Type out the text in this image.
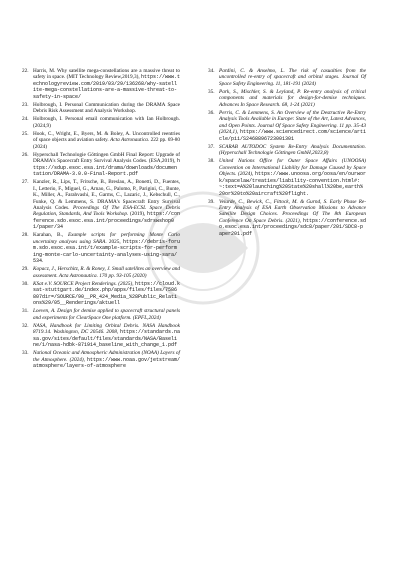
22. Harris, M. Why satellite mega-constellations are a massive threat to safety in space. (MIT Technology Review,2019,3), https://www.technologyreview.com/2019/03/29/136268/why-satellite-mega-constellations-are-a-massive-threat-to-safety-in-space/
23. Holbrough, I. Personal Communication during the DRAMA Space Debris Risk Assessment and Analysis Workshop.
24. Holbrough, I. Personal email communication with Ian Holbrough. (2024,9)
25. Hook, C., Wright, E., Byers, M. & Boley, A. Uncontrolled reentries of space objects and aviation safety. Acta Astronautica. 222 pp. 69-80 (2024)
26. Hyperschall Technologie Göttingen GmbH Final Report: Upgrade of DRAMA's Spacecraft Entry Survival Analysis Codes. (ESA,2019), https://sdup.esoc.esa.int/drama/downloads/documentation/DRAMA-3.0.0-Final-Report.pdf
27. Kanzler, R., Lips, T., Fritsche, B., Breslau, A., Bonetti, D., Fuentes, I., Letterio, F., Miguel, G., Arnao, G., Palomo, P., Parigini, C., Bunte, K., Miller, A., Farahvashi, E., Garms, C., Lazaric, J., Kebschull, C., Funke, Q. & Lemmens, S. DRAMA's Spacecraft Entry Survival Analysis Codes. Proceedings Of The ESA-ECSL Space Debris Regulation, Standards, And Tools Workshop. (2019), https://conference.sdo.esoc.esa.int/proceedings/sdrswshop01/paper/34
28. Karahan, B., Example scripts for performing Monte Carlo uncertainty analyses using SARA. 2025, https://debris-forum.sdo.esoc.esa.int/t/example-scripts-for-performing-monte-carlo-uncertainty-analyses-using-sara/534.
29. Kopacz, J., Herschitz, R. & Roney, J. Small satellites an overview and assessment. Acta Astronautica. 170 pp. 93-105 (2020)
30. KSat e.V. SOURCE Project Renderings. (2025), https://cloud.ksat-stuttgart.de/index.php/apps/files/files/7586807dir=/SOURCE/90__PR_424_Media_%28Public_Relations%29/05__Renderings/aktuell
31. Loeven, A. Design for demise applied to spacecraft structural panels and experiments for ClearSpace One platform. (EPFL,2024)
32. NASA, Handbook for Limiting Orbital Debris. NASA Handbook 8719.14. Washington, DC 20546. 2008, https://standards.nasa.gov/sites/default/files/standards/NASA/Baseline/1/nasa-hdbk-871914_baseline_with_change_1.pdf
33. National Oceanic and Atmospheric Administration (NOAA) Layers of the Atmosphere. (2024), https://www.noaa.gov/jetstream/atmosphere/layers-of-atmosphere
34. Pardini, C. & Anselmo, L. The risk of casualties from the uncontrolled re-entry of spacecraft and orbital stages. Journal Of Space Safety Engineering. 11, 181-191 (2024)
35. Park, S., Mischler, S. & Leyland, P. Re-entry analysis of critical components and materials for design-for-demise techniques. Advances In Space Research. 68, 1-24 (2021)
36. Perris, C. & Lemmens, S. An Overview of the Destructive Re-Entry Analysis Tools Available in Europe: State of the Art, Latest Advances, and Open Points. Journal Of Space Safety Engineering. 11 pp. 35-43 (2024,1), https://www.sciencedirect.com/science/article/pii/S2468896723001301
37. SCARAB AUTODOC System Re-Entry Analysis Documentation. (Hyperschall Technologie Göttingen GmbH,2023,8)
38. United Nations Office for Outer Space Affairs (UNOOSA) Convention on International Liability for Damage Caused by Space Objects. (2024), https://www.unoosa.org/oosa/en/ourwork/spacelaw/treaties/liability-convention.html#:~:text=A%20launching%20State%20shall%20be,earth%20or%20to%20aircraft%20flight.
39. Velarde, C., Bewick, C., Fittock, M. & Gurnd, S. Early Phase Re-Entry Analysis of ESA Earth Observation Missions to Advance Satellite Design Choices. Proceedings Of The 8th European Conference On Space Debris. (2021), https://conference.sdo.esoc.esa.int/proceedings/sdc8/paper/201/SDC8-paper201.pdf
